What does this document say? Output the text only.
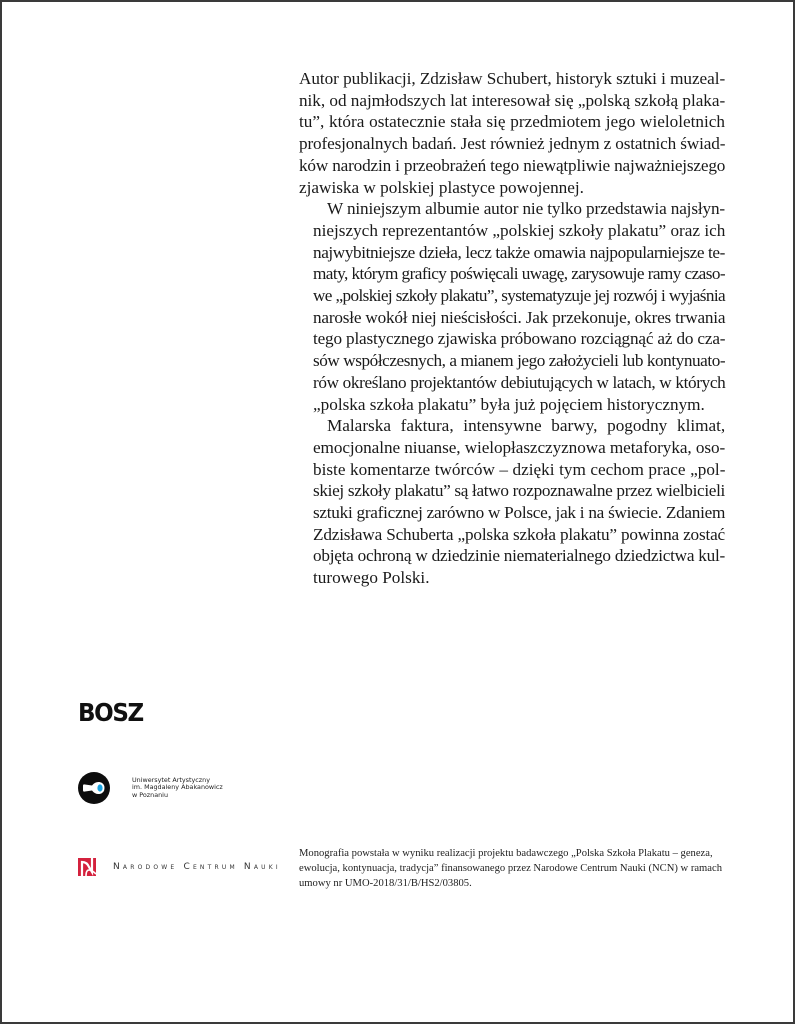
Autor publikacji, Zdzisław Schubert, historyk sztuki i muzeal-
nik, od najmłodszych lat interesował się „polską szkołą plaka-
tu”, która ostatecznie stała się przedmiotem jego wieloletnich
profesjonalnych badań. Jest również jednym z ostatnich świad-
ków narodzin i przeobrażeń tego niewątpliwie najważniejszego
zjawiska w polskiej plastyce powojennej.

W niniejszym albumie autor nie tylko przedstawia najsłyn-
niejszych reprezentantów „polskiej szkoły plakatu” oraz ich
najwybitniejsze dzieła, lecz także omawia najpopularniejsze te-
maty, którym graficy poświęcali uwagę, zarysowuje ramy czaso-
we „polskiej szkoły plakatu”, systematyzuje jej rozwój i wyjaśnia
narosłe wokół niej nieścisłości. Jak przekonuje, okres trwania
tego plastycznego zjawiska próbowano rozciągnąć aż do cza-
sów współczesnych, a mianem jego założycieli lub kontynuato-
rów określano projektantów debiutujących w latach, w których
„polska szkoła plakatu” była już pojęciem historycznym.

Malarska faktura, intensywne barwy, pogodny klimat,
emocjonalne niuanse, wielopłaszczyznowa metaforyka, oso-
biste komentarze twórców – dzięki tym cechom prace „pol-
skiej szkoły plakatu” są łatwo rozpoznawalne przez wielbicieli
sztuki graficznej zarówno w Polsce, jak i na świecie. Zdaniem
Zdzisława Schuberta „polska szkoła plakatu” powinna zostać
objęta ochroną w dziedzinie niematerialnego dziedzictwa kul-
turowego Polski.

BOSZ
Uniwersytet Artystyczny
im. Magdaleny Abakanowicz
w Poznaniu
Narodowe Centrum Nauki
Monografia powstała w wyniku realizacji projektu badawczego „Polska Szkoła Plakatu – geneza,
ewolucja, kontynuacja, tradycja” finansowanego przez Narodowe Centrum Nauki (NCN) w ramach
umowy nr UMO-2018/31/B/HS2/03805.
